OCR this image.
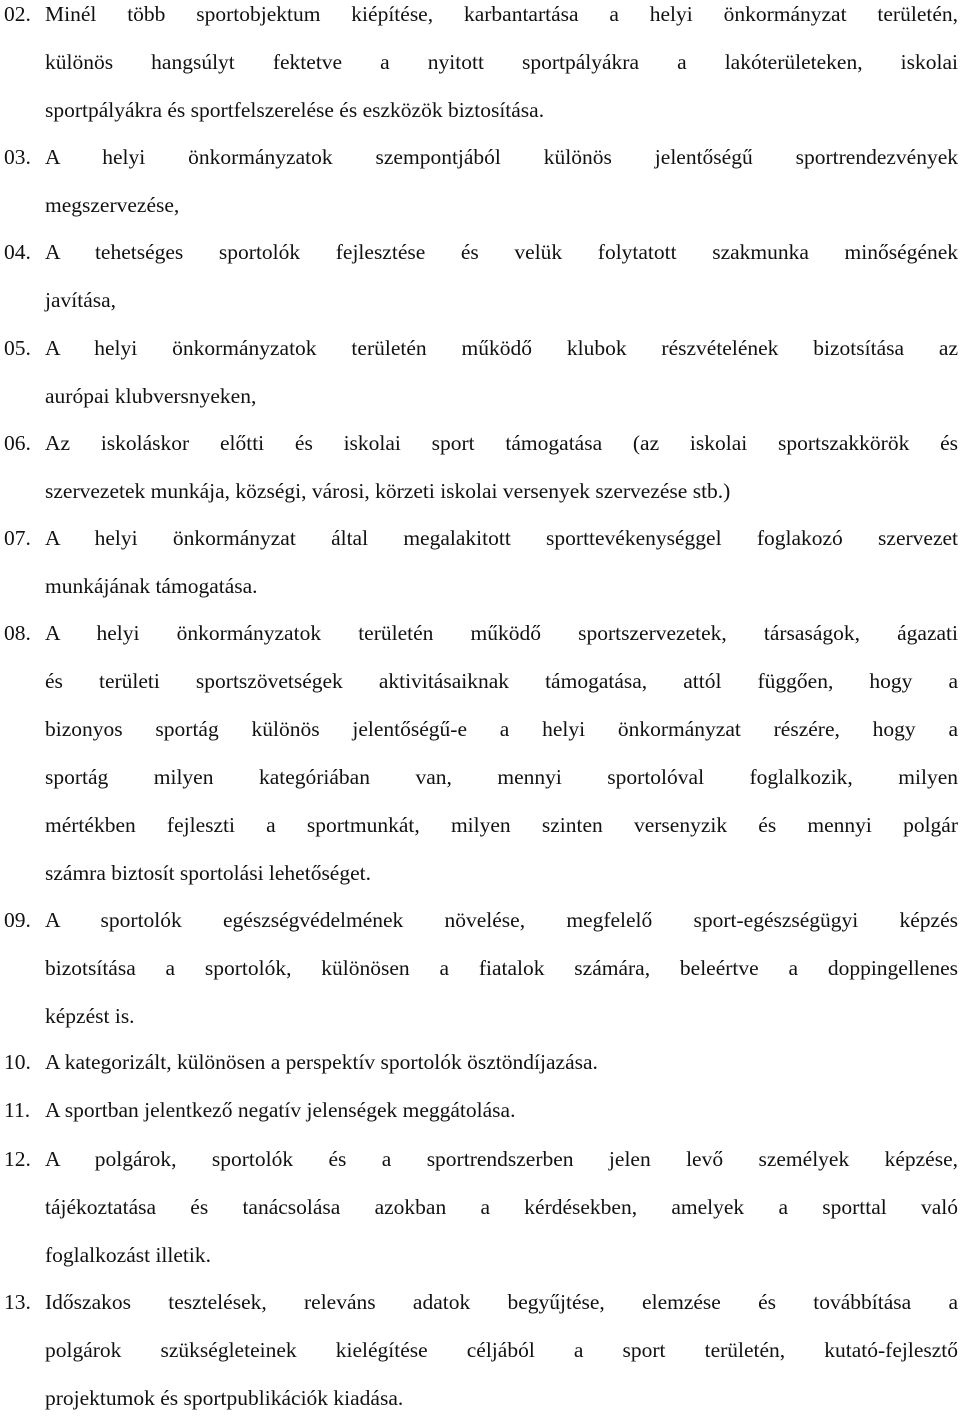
02. Minél több sportobjektum kiépítése, karbantartása a helyi önkormányzat területén,
különös hangsúlyt fektetve a nyitott sportpályákra a lakóterületeken, iskolai
sportpályákra és sportfelszerelése és eszközök biztosítása.
03. A helyi önkormányzatok szempontjából különös jelentőségű sportrendezvények
megszervezése,
04. A tehetséges sportolók fejlesztése és velük folytatott szakmunka minőségének
javítása,
05. A helyi önkormányzatok területén működő klubok részvételének bizotsítása az
aurópai klubversnyeken,
06. Az iskoláskor előtti és iskolai sport támogatása (az iskolai sportszakkörök és
szervezetek munkája, községi, városi, körzeti iskolai versenyek szervezése stb.)
07. A helyi önkormányzat által megalakitott sporttevékenységgel foglakozó szervezet
munkájának támogatása.
08. A helyi önkormányzatok területén működő sportszervezetek, társaságok, ágazati
és területi sportszövetségek aktivitásaiknak támogatása, attól függően, hogy a
bizonyos sportág különös jelentőségű-e a helyi önkormányzat részére, hogy a
sportág milyen kategóriában van, mennyi sportolóval foglalkozik, milyen
mértékben fejleszti a sportmunkát, milyen szinten versenyzik és mennyi polgár
számra biztosít sportolási lehetőséget.
09. A sportolók egészségvédelmének növelése, megfelelő sport-egészségügyi képzés
bizotsítása a sportolók, különösen a fiatalok számára, beleértve a doppingellenes
képzést is.
10. A kategorizált, különösen a perspektív sportolók ösztöndíjazása.
11. A sportban jelentkező negatív jelenségek meggátolása.
12. A polgárok, sportolók és a sportrendszerben jelen levő személyek képzése,
tájékoztatása és tanácsolása azokban a kérdésekben, amelyek a sporttal való
foglalkozást illetik.
13. Időszakos tesztelések, releváns adatok begyűjtése, elemzése és továbbítása a
polgárok szükségleteinek kielégítése céljából a sport területén, kutató-fejlesztő
projektumok és sportpublikációk kiadása.
